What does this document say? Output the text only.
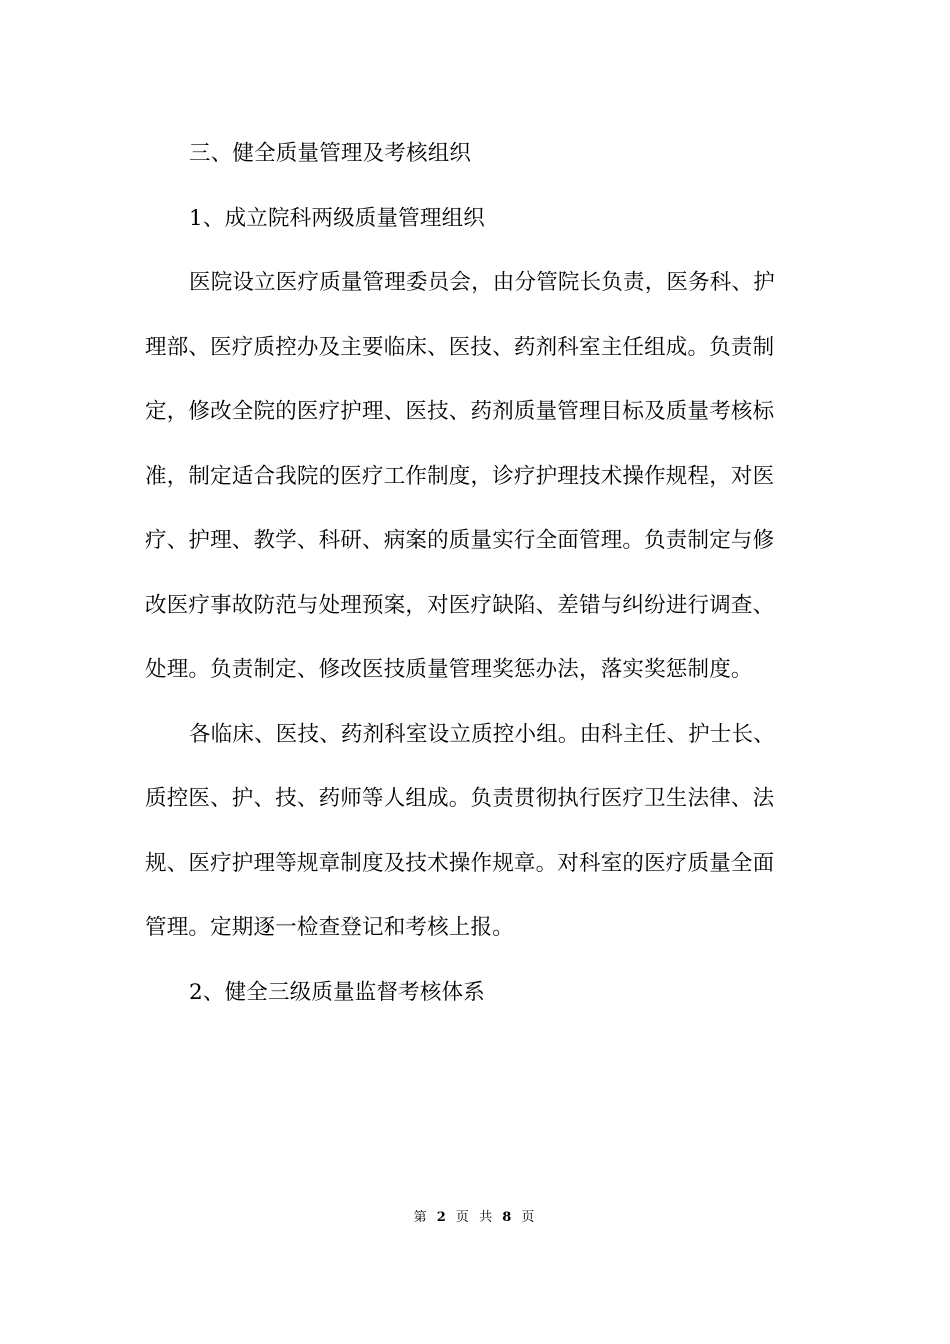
三、健全质量管理及考核组织
1、成立院科两级质量管理组织
医院设立医疗质量管理委员会，由分管院长负责，医务科、护
理部、医疗质控办及主要临床、医技、药剂科室主任组成。负责制
定，修改全院的医疗护理、医技、药剂质量管理目标及质量考核标
准，制定适合我院的医疗工作制度，诊疗护理技术操作规程，对医
疗、护理、教学、科研、病案的质量实行全面管理。负责制定与修
改医疗事故防范与处理预案，对医疗缺陷、差错与纠纷进行调查、
处理。负责制定、修改医技质量管理奖惩办法，落实奖惩制度。
各临床、医技、药剂科室设立质控小组。由科主任、护士长、
质控医、护、技、药师等人组成。负责贯彻执行医疗卫生法律、法
规、医疗护理等规章制度及技术操作规章。对科室的医疗质量全面
管理。定期逐一检查登记和考核上报。
2、健全三级质量监督考核体系
第 2 页 共 8 页
